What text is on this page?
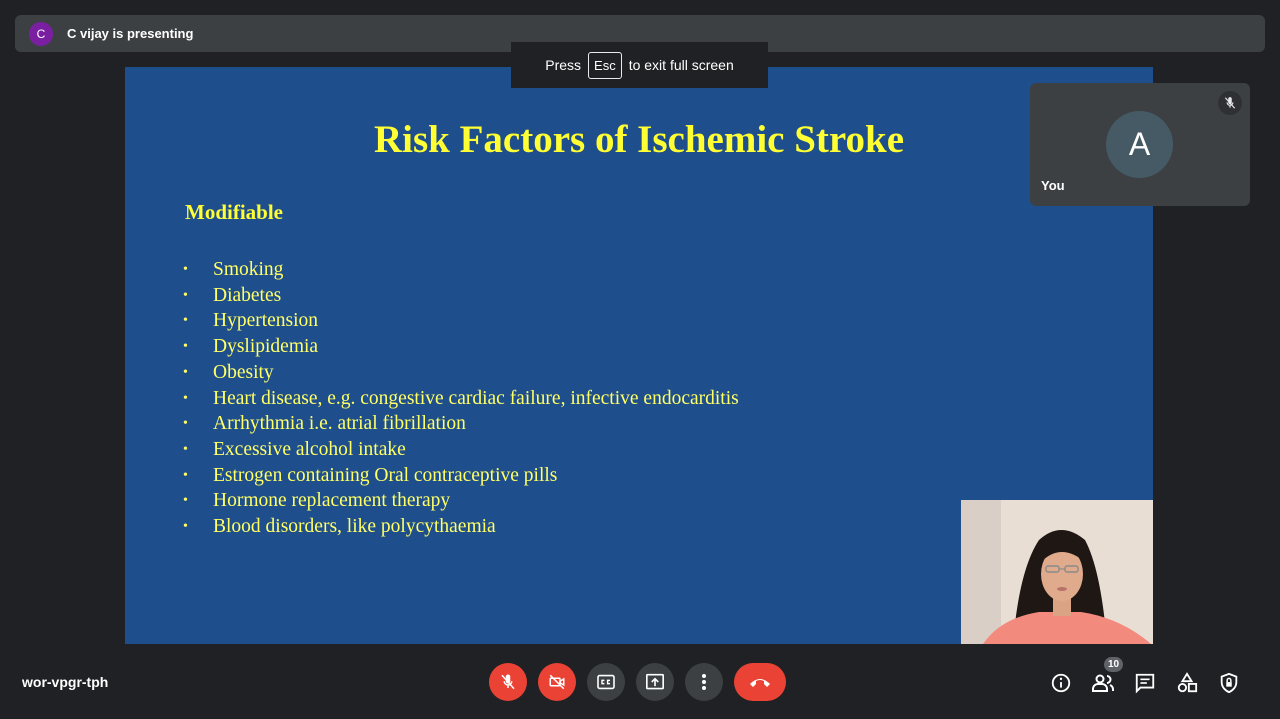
C	C vijay is presenting
Press	Esc to exit full screen
Risk Factors of Ischemic Stroke
Modifiable
•	Smoking
•	Diabetes
•	Hypertension
•	Dyslipidemia
•	Obesity
•	Heart disease, e.g. congestive cardiac failure, infective endocarditis
•	Arrhythmia i.e. atrial fibrillation
•	Excessive alcohol intake
•	Estrogen containing Oral contraceptive pills
•	Hormone replacement therapy
•	Blood disorders, like polycythaemia
A
You
wor-vpgr-tph
10
